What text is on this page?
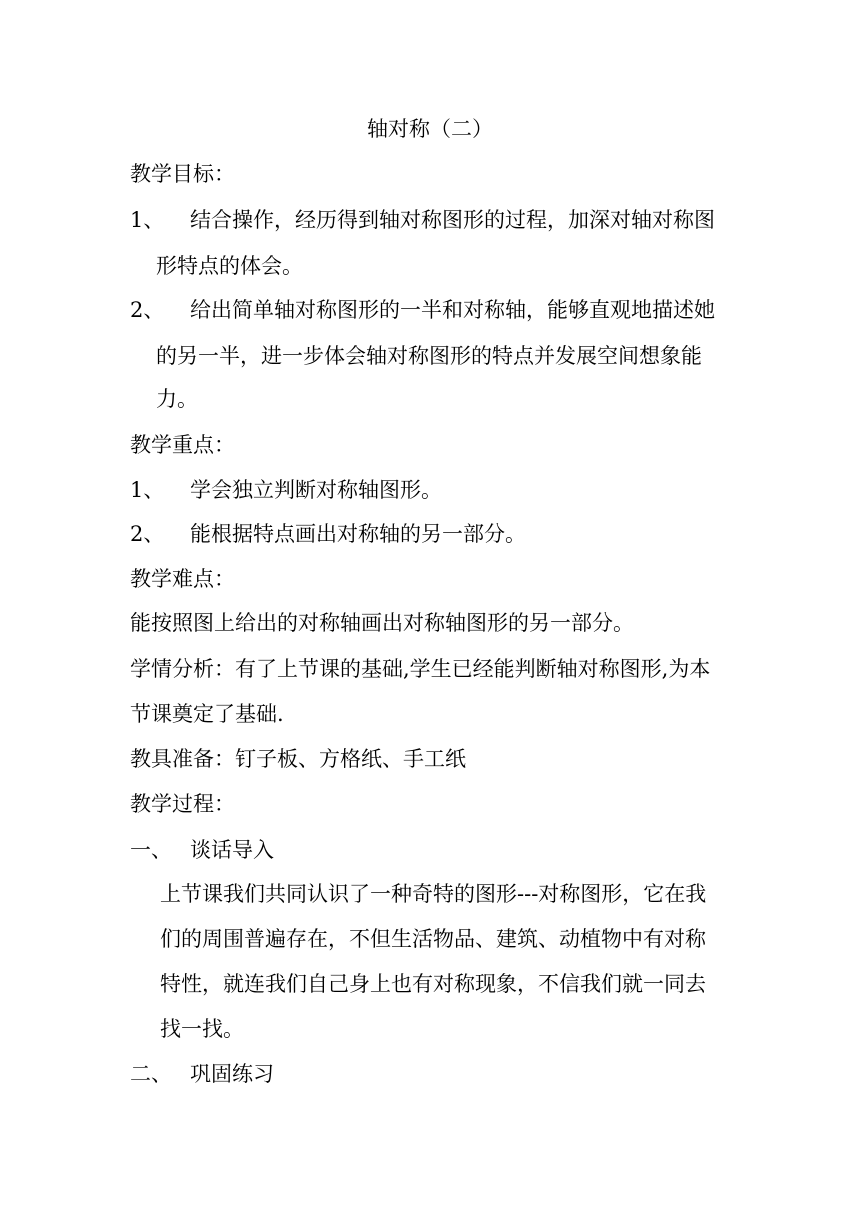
轴对称（二）
教学目标：
1、 结合操作，经历得到轴对称图形的过程，加深对轴对称图
形特点的体会。
2、 给出简单轴对称图形的一半和对称轴，能够直观地描述她
的另一半，进一步体会轴对称图形的特点并发展空间想象能
力。
教学重点：
1、 学会独立判断对称轴图形。
2、 能根据特点画出对称轴的另一部分。
教学难点：
能按照图上给出的对称轴画出对称轴图形的另一部分。
学情分析：有了上节课的基础,学生已经能判断轴对称图形,为本
节课奠定了基础.
教具准备：钉子板、方格纸、手工纸
教学过程：
一、 谈话导入
上节课我们共同认识了一种奇特的图形---对称图形，它在我
们的周围普遍存在，不但生活物品、建筑、动植物中有对称
特性，就连我们自己身上也有对称现象，不信我们就一同去
找一找。
二、 巩固练习
